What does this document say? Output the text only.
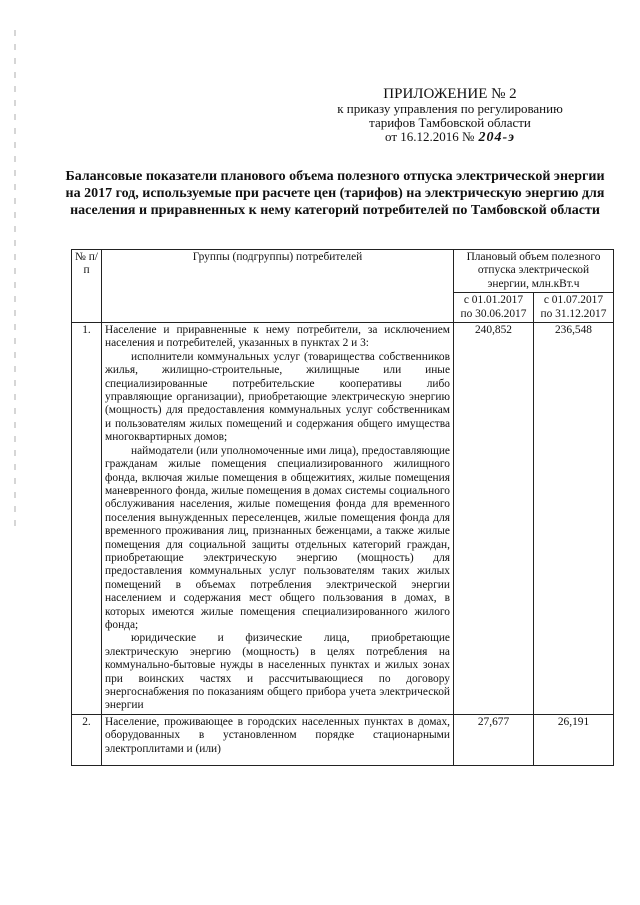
ПРИЛОЖЕНИЕ № 2
к приказу управления по регулированию
тарифов Тамбовской области
от 16.12.2016 № 204-э
Балансовые показатели планового объема полезного отпуска электрической энергии на 2017 год, используемые при расчете цен (тарифов) на электрическую энергию для населения и приравненных к нему категорий потребителей по Тамбовской области
№ п/п	Группы (подгруппы) потребителей	Плановый объем полезного отпуска электрической энергии, млн.кВт.ч	
		с 01.01.2017 по 30.06.2017	с 01.07.2017 по 31.12.2017
1.	Население и приравненные к нему потребители, за исключением населения и потребителей, указанных в пунктах 2 и 3:
исполнители коммунальных услуг (товарищества собственников жилья, жилищно-строительные, жилищные или иные специализированные потребительские кооперативы либо управляющие организации), приобретающие электрическую энергию (мощность) для предоставления коммунальных услуг собственникам и пользователям жилых помещений и содержания общего имущества многоквартирных домов;
наймодатели (или уполномоченные ими лица), предоставляющие гражданам жилые помещения специализированного жилищного фонда, включая жилые помещения в общежитиях, жилые помещения маневренного фонда, жилые помещения в домах системы социального обслуживания населения, жилые помещения фонда для временного поселения вынужденных переселенцев, жилые помещения фонда для временного проживания лиц, признанных беженцами, а также жилые помещения для социальной защиты отдельных категорий граждан, приобретающие электрическую энергию (мощность) для предоставления коммунальных услуг пользователям таких жилых помещений в объемах потребления электрической энергии населением и содержания мест общего пользования в домах, в которых имеются жилые помещения специализированного жилого фонда;
юридические и физические лица, приобретающие электрическую энергию (мощность) в целях потребления на коммунально-бытовые нужды в населенных пунктах и жилых зонах при воинских частях и рассчитывающиеся по договору энергоснабжения по показаниям общего прибора учета электрической энергии	240,852	236,548
2.	Население, проживающее в городских населенных пунктах в домах, оборудованных в установленном порядке стационарными электроплитами и (или)	27,677	26,191
